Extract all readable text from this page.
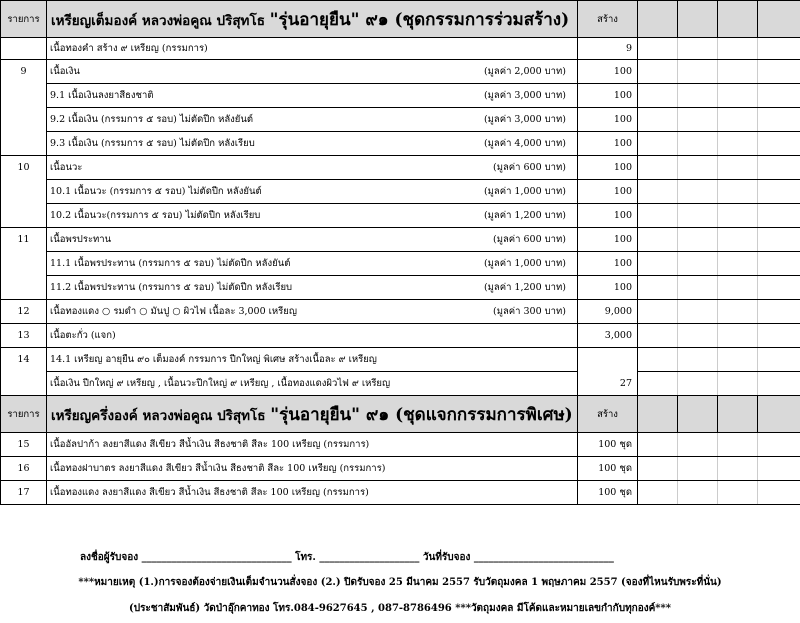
รายการ	เหรียญเต็มองค์ หลวงพ่อคูณ ปริสุทโธ "รุ่นอายุยืน" ๙๑ (ชุดกรรมการร่วมสร้าง)	สร้าง				
	เนื้อทองคำ สร้าง ๙ เหรียญ (กรรมการ)	9				
9	เนื้อเงิน (มูลค่า 2,000 บาท)	100				

	9.1 เนื้อเงินลงยาสีธงชาติ (มูลค่า 3,000 บาท)	100				

	9.2 เนื้อเงิน (กรรมการ ๕ รอบ) ไม่ตัดปีก หลังยันต์ (มูลค่า 3,000 บาท)	100				

	9.3 เนื้อเงิน (กรรมการ ๕ รอบ) ไม่ตัดปีก หลังเรียบ (มูลค่า 4,000 บาท)	100				
10	เนื้อนวะ (มูลค่า 600 บาท)	100				

	10.1 เนื้อนวะ (กรรมการ ๕ รอบ) ไม่ตัดปีก หลังยันต์ (มูลค่า 1,000 บาท)	100				

	10.2 เนื้อนวะ(กรรมการ ๕ รอบ) ไม่ตัดปีก หลังเรียบ (มูลค่า 1,200 บาท)	100				
11	เนื้อพรประทาน (มูลค่า 600 บาท)	100				

	11.1 เนื้อพรประทาน (กรรมการ ๕ รอบ) ไม่ตัดปีก หลังยันต์ (มูลค่า 1,000 บาท)	100				

	11.2 เนื้อพรประทาน (กรรมการ ๕ รอบ) ไม่ตัดปีก หลังเรียบ (มูลค่า 1,200 บาท)	100				
12	เนื้อทองแดง ○ รมดำ ○ มันปู ○ ผิวไฟ เนื้อละ 3,000 เหรียญ (มูลค่า 300 บาท)	9,000				
13	เนื้อตะกั่ว (แจก)	3,000				
14	14.1 เหรียญ อายุยืน ๙๐ เต็มองค์ กรรมการ ปีกใหญ่ พิเศษ สร้างเนื้อละ ๙ เหรียญ					
	เนื้อเงิน ปีกใหญ่ ๙ เหรียญ , เนื้อนวะปีกใหญ่ ๙ เหรียญ , เนื้อทองแดงผิวไฟ ๙ เหรียญ	27				
รายการ	เหรียญครึ่งองค์ หลวงพ่อคูณ ปริสุทโธ "รุ่นอายุยืน" ๙๑ (ชุดแจกกรรมการพิเศษ)	สร้าง				
15	เนื้ออัลปาก้า ลงยาสีแดง สีเขียว สีน้ำเงิน สีธงชาติ สีละ 100 เหรียญ (กรรมการ)	100 ชุด				
16	เนื้อทองฝาบาตร ลงยาสีแดง สีเขียว สีน้ำเงิน สีธงชาติ สีละ 100 เหรียญ (กรรมการ)	100 ชุด				
17	เนื้อทองแดง ลงยาสีแดง สีเขียว สีน้ำเงิน สีธงชาติ สีละ 100 เหรียญ (กรรมการ)	100 ชุด				
ลงชื่อผู้รับจอง ______________________________ โทร. ____________________ วันที่รับจอง ____________________________
***หมายเหตุ (1.)การจองต้องจ่ายเงินเต็มจำนวนสั่งจอง (2.) ปิดรับจอง 25 มีนาคม 2557 รับวัตถุมงคล 1 พฤษภาคม 2557 (จองที่ไหนรับพระที่นั่น)
(ประชาสัมพันธ์) วัดป่าอุ๊กคาทอง โทร.084-9627645 , 087-8786496 ***วัตถุมงคล มีโค้ดและหมายเลขกำกับทุกองค์***
